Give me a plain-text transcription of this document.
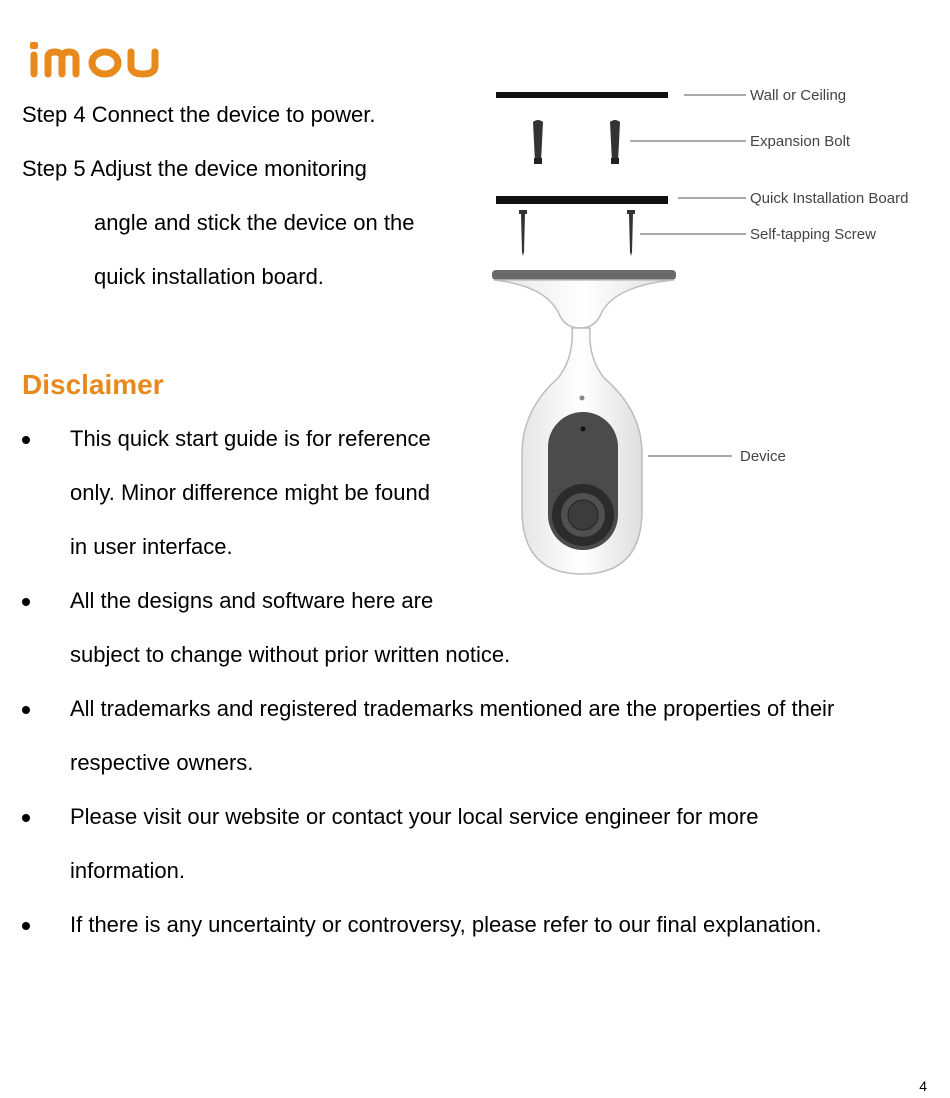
Step 4 Connect the device to power.
Step 5 Adjust the device monitoring
angle and stick the device on the
quick installation board.
Wall or Ceiling
Expansion Bolt
Quick Installation Board
Self-tapping Screw
Device
Disclaimer
This quick start guide is for reference
only. Minor difference might be found
in user interface.
All the designs and software here are
subject to change without prior written notice.
All trademarks and registered trademarks mentioned are the properties of their
respective owners.
Please visit our website or contact your local service engineer for more
information.
If there is any uncertainty or controversy, please refer to our final explanation.
4
